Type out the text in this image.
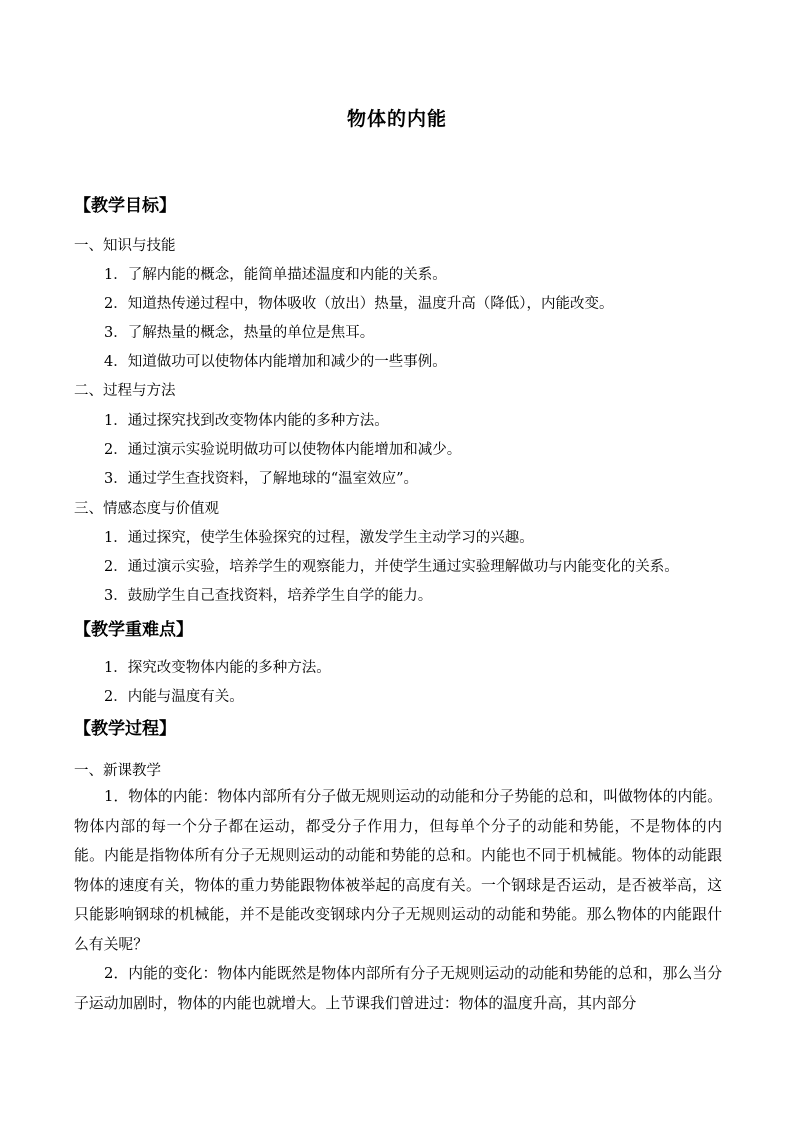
物体的内能
【教学目标】
一、知识与技能
1．了解内能的概念，能简单描述温度和内能的关系。
2．知道热传递过程中，物体吸收（放出）热量，温度升高（降低），内能改变。
3．了解热量的概念，热量的单位是焦耳。
4．知道做功可以使物体内能增加和减少的一些事例。
二、过程与方法
1．通过探究找到改变物体内能的多种方法。
2．通过演示实验说明做功可以使物体内能增加和减少。
3．通过学生查找资料，了解地球的“温室效应”。
三、情感态度与价值观
1．通过探究，使学生体验探究的过程，激发学生主动学习的兴趣。
2．通过演示实验，培养学生的观察能力，并使学生通过实验理解做功与内能变化的关系。
3．鼓励学生自己查找资料，培养学生自学的能力。
【教学重难点】
1．探究改变物体内能的多种方法。
2．内能与温度有关。
【教学过程】
一、新课教学
1．物体的内能：物体内部所有分子做无规则运动的动能和分子势能的总和，叫做物体的内能。物体内部的每一个分子都在运动，都受分子作用力，但每单个分子的动能和势能，不是物体的内能。内能是指物体所有分子无规则运动的动能和势能的总和。内能也不同于机械能。物体的动能跟物体的速度有关，物体的重力势能跟物体被举起的高度有关。一个钢球是否运动，是否被举高，这只能影响钢球的机械能，并不是能改变钢球内分子无规则运动的动能和势能。那么物体的内能跟什么有关呢？
2．内能的变化：物体内能既然是物体内部所有分子无规则运动的动能和势能的总和，那么当分子运动加剧时，物体的内能也就增大。上节课我们曾进过：物体的温度升高，其内部分
